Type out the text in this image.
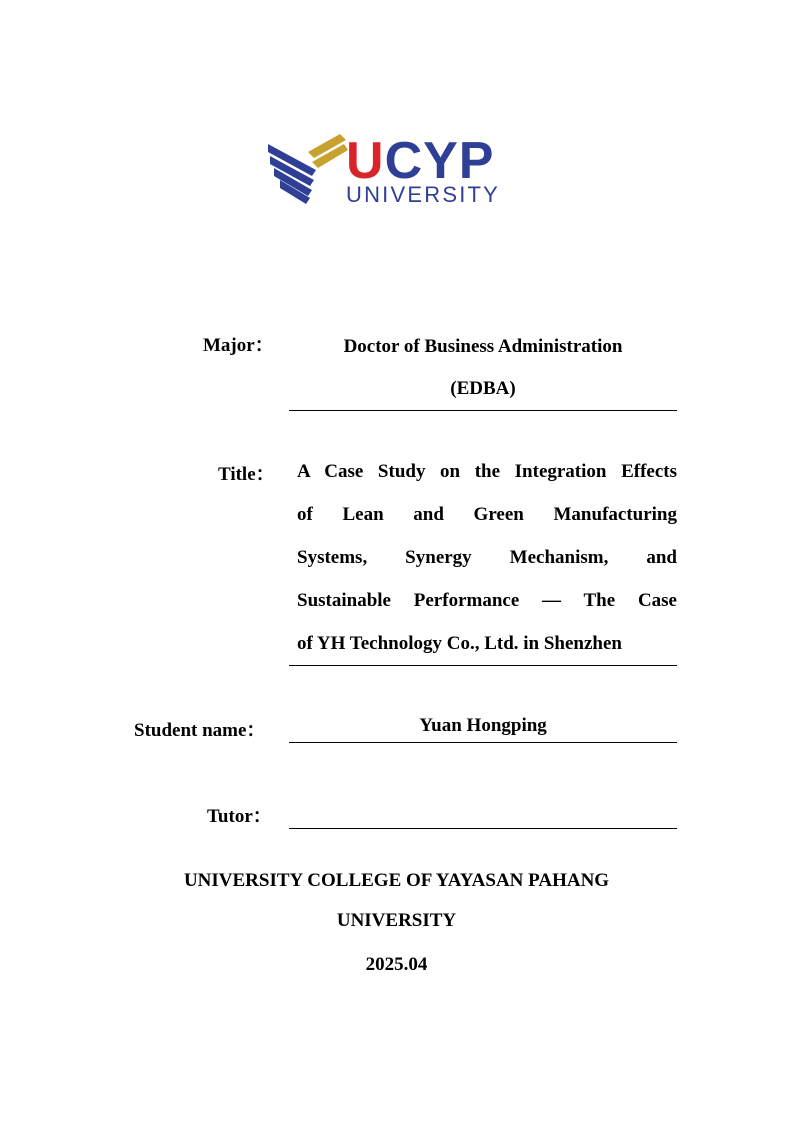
UCYP
UNIVERSITY
Major：	Doctor of Business Administration
(EDBA)
Title： A Case Study on the Integration Effects
of Lean and Green Manufacturing
Systems, Synergy Mechanism, and
Sustainable Performance — The Case
of YH Technology Co., Ltd. in Shenzhen
Student name：	Yuan Hongping
Tutor：
UNIVERSITY COLLEGE OF YAYASAN PAHANG
UNIVERSITY
2025.04
